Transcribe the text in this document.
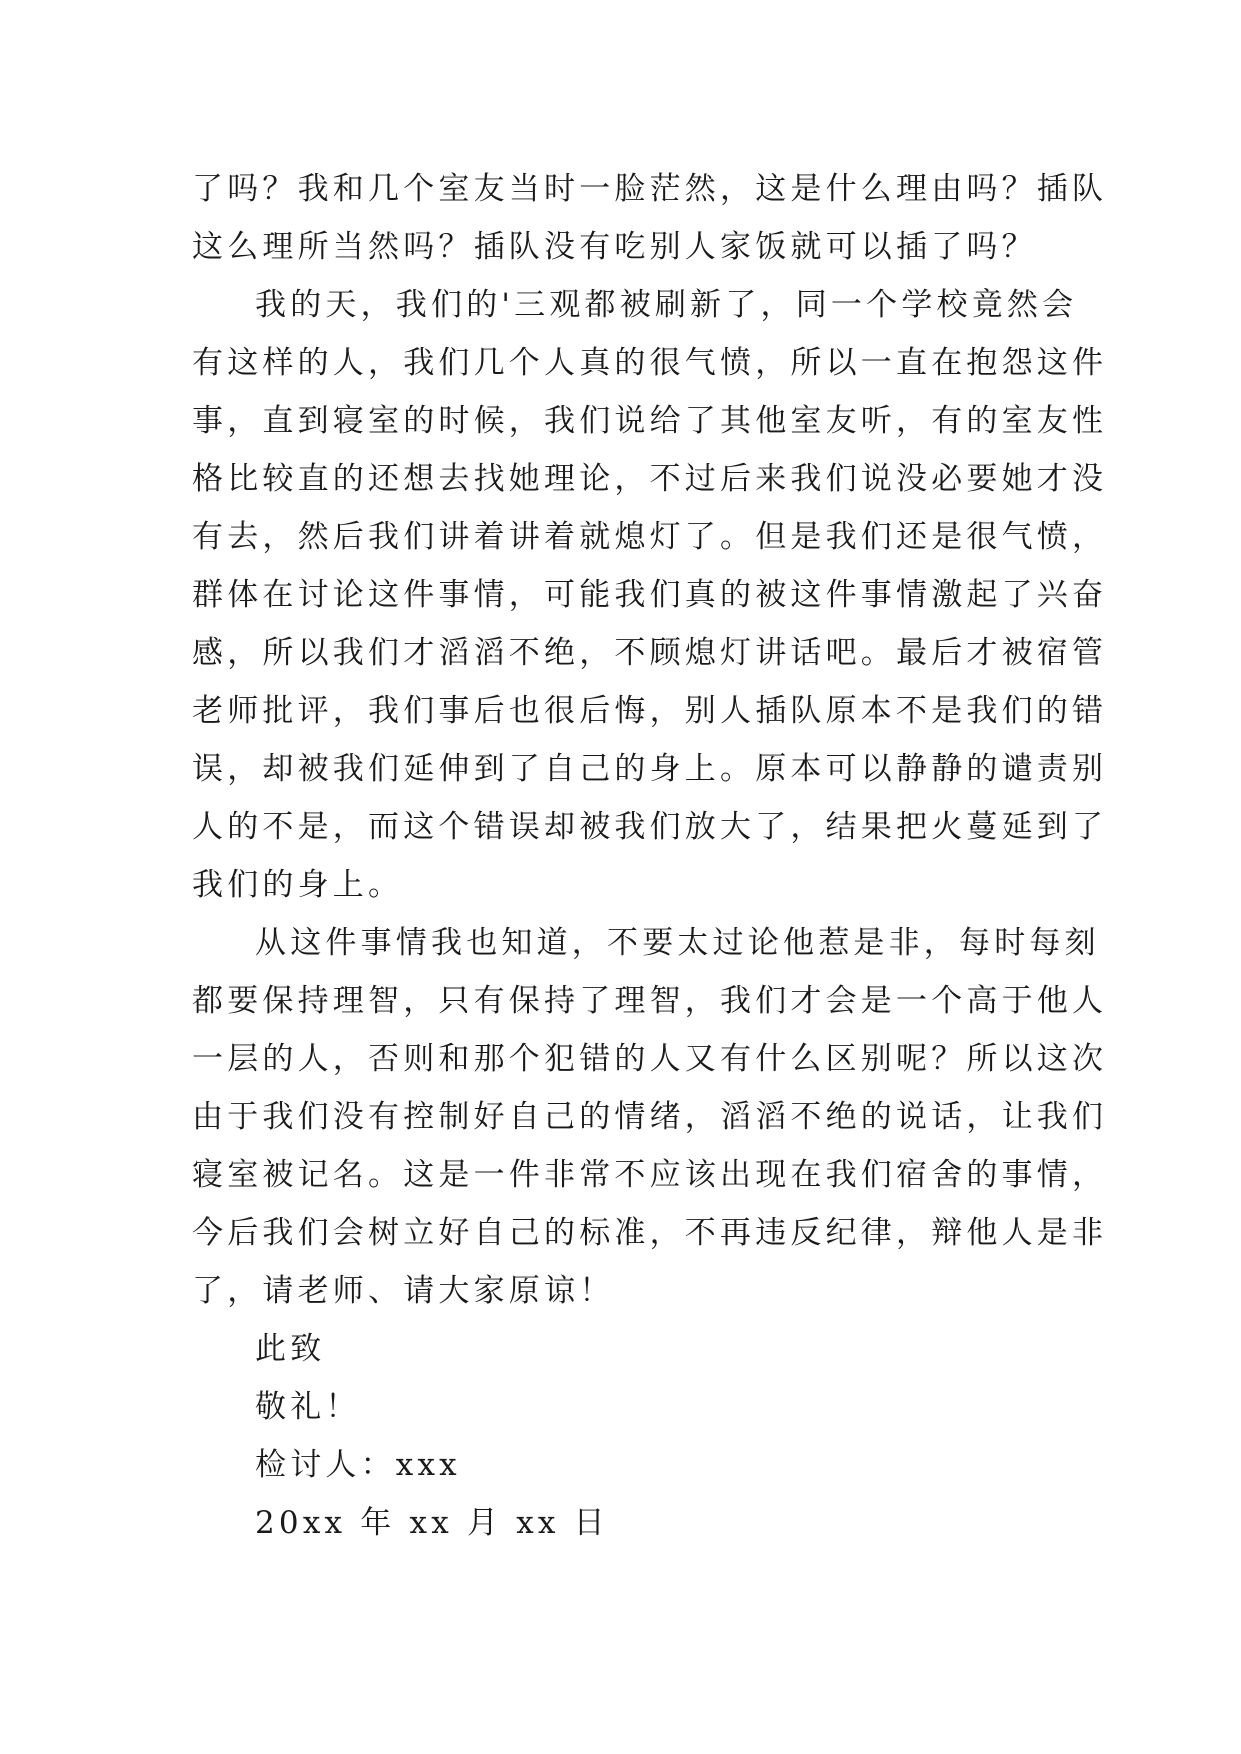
了吗？我和几个室友当时一脸茫然，这是什么理由吗？插队
这么理所当然吗？插队没有吃别人家饭就可以插了吗？
我的天，我们的'三观都被刷新了，同一个学校竟然会
有这样的人，我们几个人真的很气愤，所以一直在抱怨这件
事，直到寝室的时候，我们说给了其他室友听，有的室友性
格比较直的还想去找她理论，不过后来我们说没必要她才没
有去，然后我们讲着讲着就熄灯了。但是我们还是很气愤，
群体在讨论这件事情，可能我们真的被这件事情激起了兴奋
感，所以我们才滔滔不绝，不顾熄灯讲话吧。最后才被宿管
老师批评，我们事后也很后悔，别人插队原本不是我们的错
误，却被我们延伸到了自己的身上。原本可以静静的谴责别
人的不是，而这个错误却被我们放大了，结果把火蔓延到了
我们的身上。
从这件事情我也知道，不要太过论他惹是非，每时每刻
都要保持理智，只有保持了理智，我们才会是一个高于他人
一层的人，否则和那个犯错的人又有什么区别呢？所以这次
由于我们没有控制好自己的情绪，滔滔不绝的说话，让我们
寝室被记名。这是一件非常不应该出现在我们宿舍的事情，
今后我们会树立好自己的标准，不再违反纪律，辩他人是非
了，请老师、请大家原谅！
此致
敬礼！
检讨人：xxx
20xx 年 xx 月 xx 日
